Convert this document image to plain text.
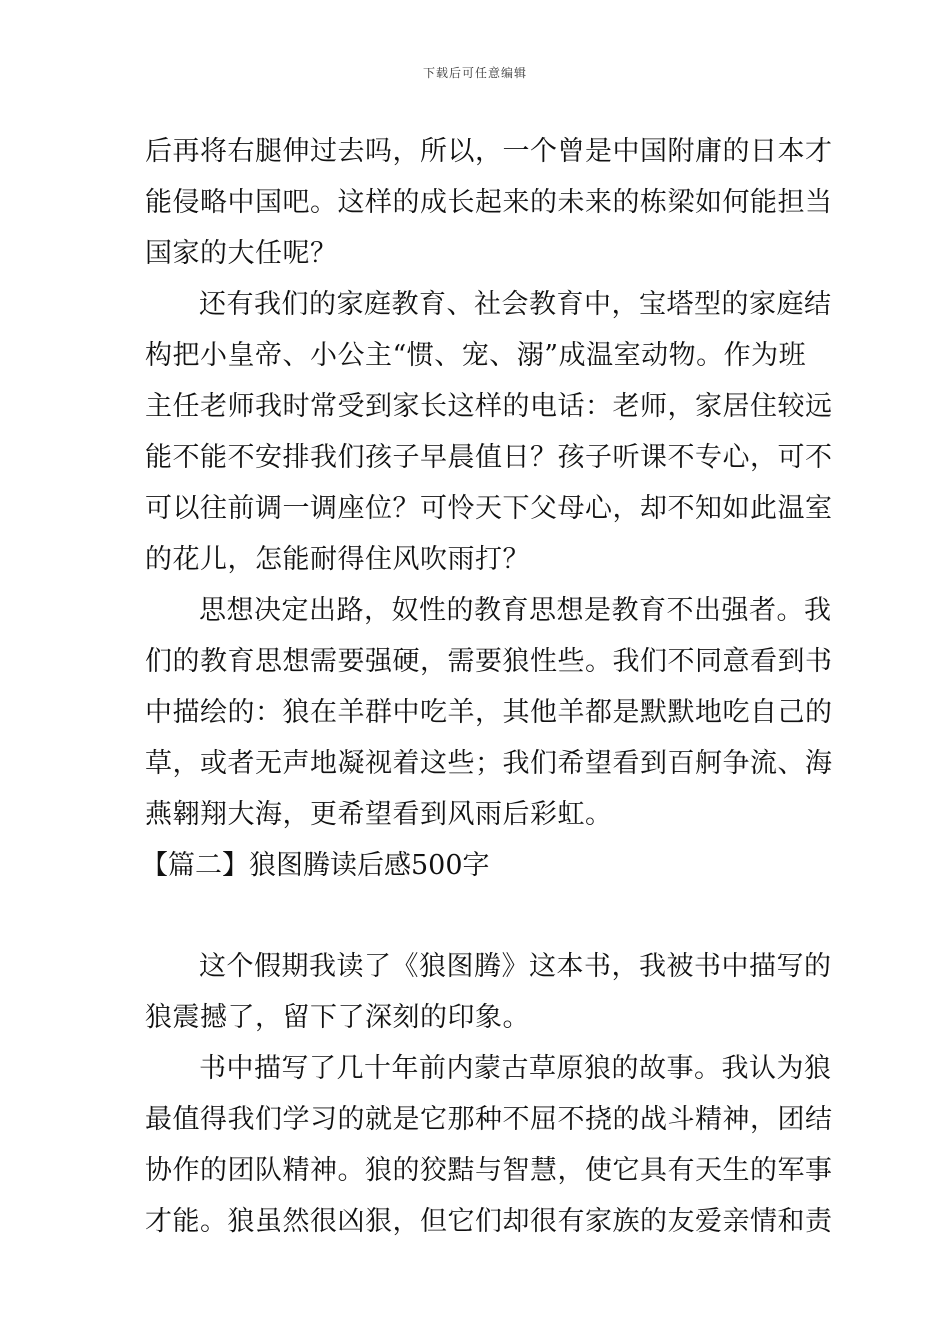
下载后可任意编辑
后再将右腿伸过去吗，所以，一个曾是中国附庸的日本才
能侵略中国吧。这样的成长起来的未来的栋梁如何能担当
国家的大任呢？
还有我们的家庭教育、社会教育中，宝塔型的家庭结
构把小皇帝、小公主“惯、宠、溺”成温室动物。作为班
主任老师我时常受到家长这样的电话：老师，家居住较远
能不能不安排我们孩子早晨值日？孩子听课不专心，可不
可以往前调一调座位？可怜天下父母心，却不知如此温室
的花儿，怎能耐得住风吹雨打？
思想决定出路，奴性的教育思想是教育不出强者。我
们的教育思想需要强硬，需要狼性些。我们不同意看到书
中描绘的：狼在羊群中吃羊，其他羊都是默默地吃自己的
草，或者无声地凝视着这些；我们希望看到百舸争流、海
燕翱翔大海，更希望看到风雨后彩虹。
【篇二】狼图腾读后感500字
这个假期我读了《狼图腾》这本书，我被书中描写的
狼震撼了，留下了深刻的印象。
书中描写了几十年前内蒙古草原狼的故事。我认为狼
最值得我们学习的就是它那种不屈不挠的战斗精神，团结
协作的团队精神。狼的狡黠与智慧，使它具有天生的军事
才能。狼虽然很凶狠，但它们却很有家族的友爱亲情和责
